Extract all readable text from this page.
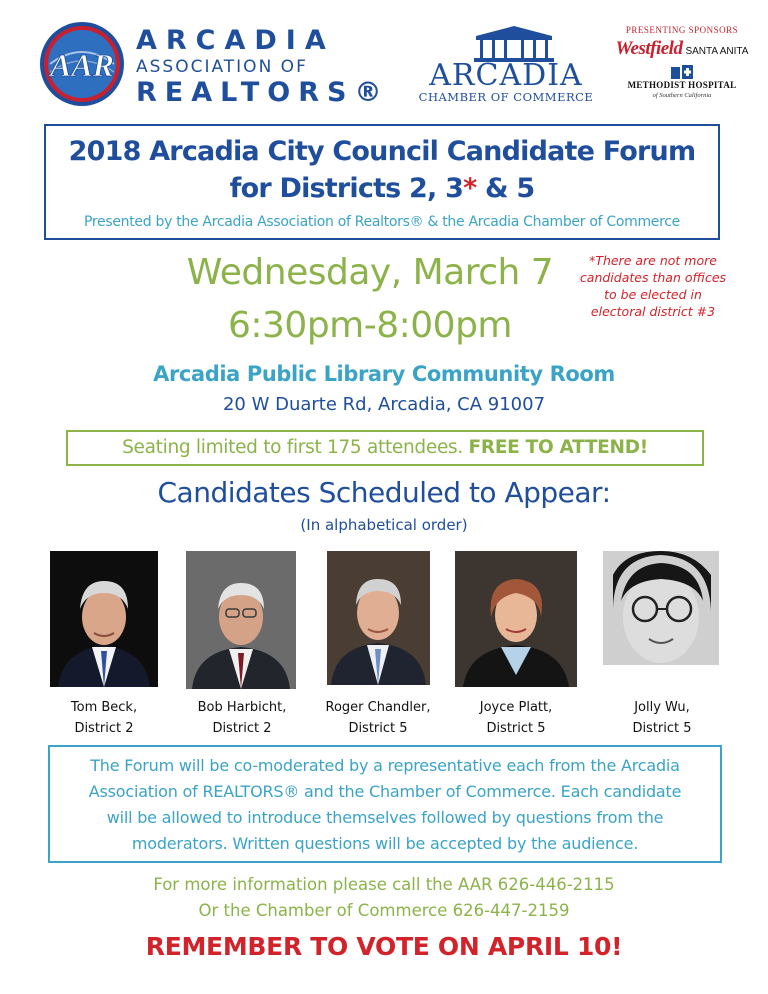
AAR
ARCADIA
ASSOCIATION OF
REALTORS®	ARCADIA
CHAMBER OF COMMERCE
PRESENTING SPONSORS
Westfield SANTA ANITA
METHODIST HOSPITAL
of Southern California
2018 Arcadia City Council Candidate Forum
for Districts 2, 3* & 5
Presented by the Arcadia Association of Realtors® & the Arcadia Chamber of Commerce
Wednesday, March 7
6:30pm-8:00pm
*There are not more candidates than offices to be elected in electoral district #3
Arcadia Public Library Community Room
20 W Duarte Rd, Arcadia, CA 91007
Seating limited to first 175 attendees. FREE TO ATTEND!
Candidates Scheduled to Appear:
(In alphabetical order)
Tom Beck,
District 2
Bob Harbicht,
District 2
Roger Chandler,
District 5
Joyce Platt,
District 5
Jolly Wu,
District 5
The Forum will be co-moderated by a representative each from the Arcadia
Association of REALTORS® and the Chamber of Commerce. Each candidate
will be allowed to introduce themselves followed by questions from the
moderators. Written questions will be accepted by the audience.
For more information please call the AAR 626-446-2115
Or the Chamber of Commerce 626-447-2159
REMEMBER TO VOTE ON APRIL 10!
